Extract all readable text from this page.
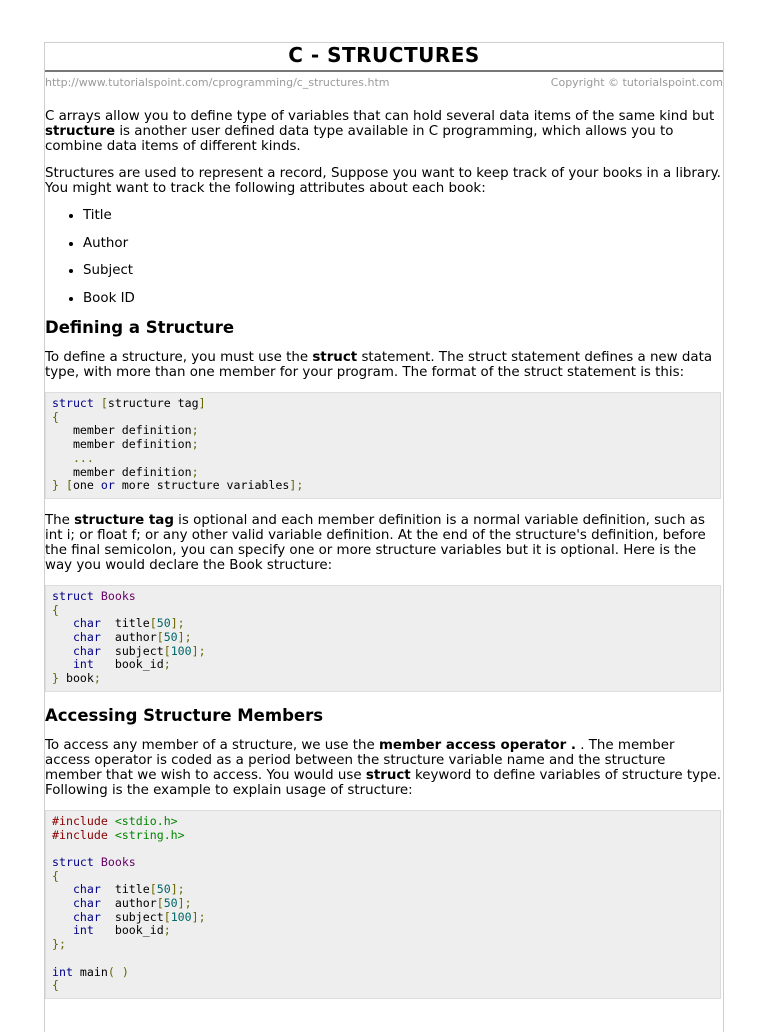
C - STRUCTURES
http://www.tutorialspoint.com/cprogramming/c_structures.htm	Copyright © tutorialspoint.com

C arrays allow you to define type of variables that can hold several data items of the same kind but structure is another user defined data type available in C programming, which allows you to combine data items of different kinds.

Structures are used to represent a record, Suppose you want to keep track of your books in a library. You might want to track the following attributes about each book:

• Title
• Author
• Subject
• Book ID
Defining a Structure

To define a structure, you must use the struct statement. The struct statement defines a new data type, with more than one member for your program. The format of the struct statement is this:

struct [structure tag]
{
member definition;
member definition;
...
member definition;
} [one or more structure variables];

The structure tag is optional and each member definition is a normal variable definition, such as int i; or float f; or any other valid variable definition. At the end of the structure's definition, before the final semicolon, you can specify one or more structure variables but it is optional. Here is the way you would declare the Book structure:

struct Books
{
char  title[50];
char  author[50];
char  subject[100];
int   book_id;
} book;
Accessing Structure Members

To access any member of a structure, we use the member access operator . . The member access operator is coded as a period between the structure variable name and the structure member that we wish to access. You would use struct keyword to define variables of structure type. Following is the example to explain usage of structure:

#include <stdio.h>
#include <string.h>

struct Books
{
char  title[50];
char  author[50];
char  subject[100];
int   book_id;
};

int main( )
{
